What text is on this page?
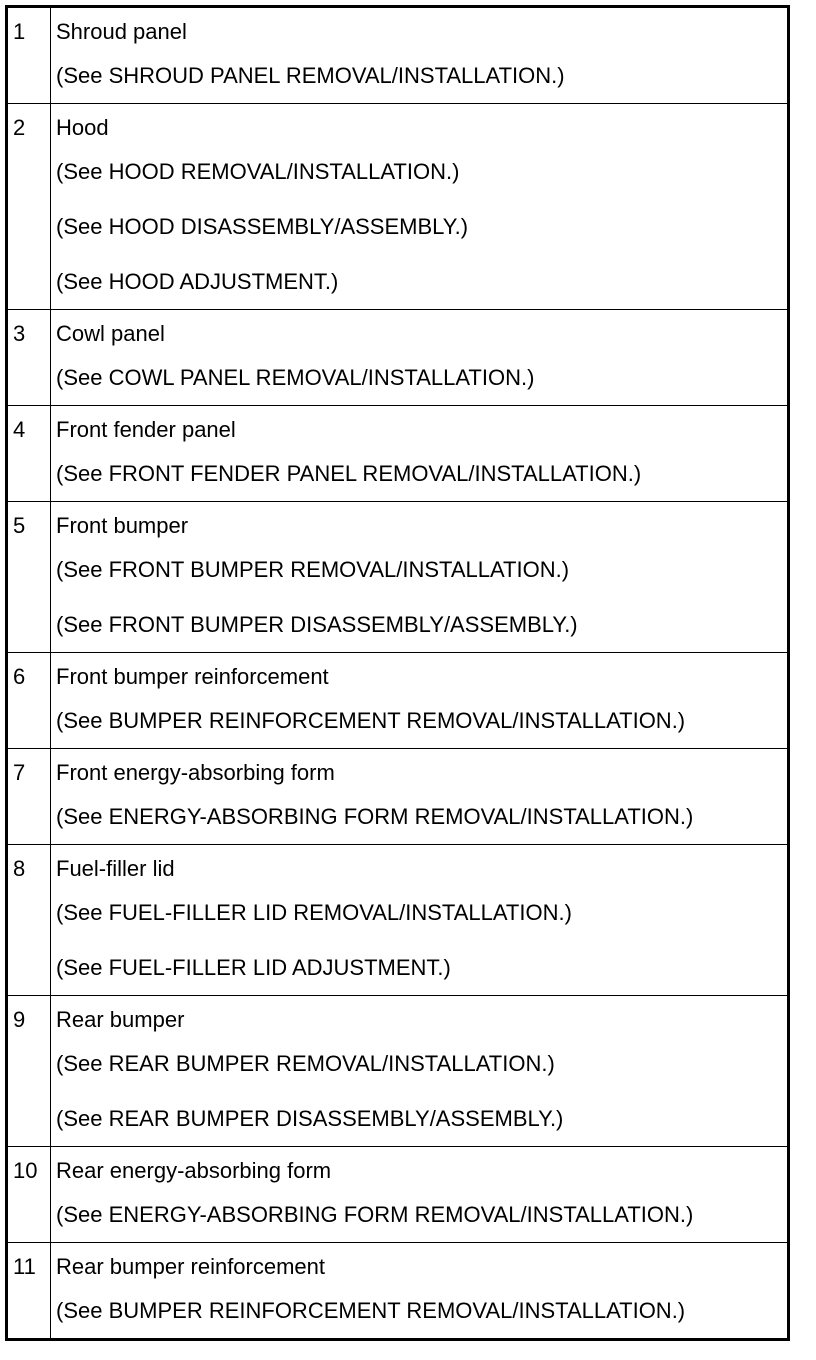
1	Shroud panel
(See SHROUD PANEL REMOVAL/INSTALLATION.)

2	Hood
(See HOOD REMOVAL/INSTALLATION.)
(See HOOD DISASSEMBLY/ASSEMBLY.)
(See HOOD ADJUSTMENT.)

3	Cowl panel
(See COWL PANEL REMOVAL/INSTALLATION.)

4	Front fender panel
(See FRONT FENDER PANEL REMOVAL/INSTALLATION.)

5	Front bumper
(See FRONT BUMPER REMOVAL/INSTALLATION.)
(See FRONT BUMPER DISASSEMBLY/ASSEMBLY.)

6	Front bumper reinforcement
(See BUMPER REINFORCEMENT REMOVAL/INSTALLATION.)

7	Front energy-absorbing form
(See ENERGY-ABSORBING FORM REMOVAL/INSTALLATION.)

8	Fuel-filler lid
(See FUEL-FILLER LID REMOVAL/INSTALLATION.)
(See FUEL-FILLER LID ADJUSTMENT.)

9	Rear bumper
(See REAR BUMPER REMOVAL/INSTALLATION.)
(See REAR BUMPER DISASSEMBLY/ASSEMBLY.)

10	Rear energy-absorbing form
(See ENERGY-ABSORBING FORM REMOVAL/INSTALLATION.)

11	Rear bumper reinforcement
(See BUMPER REINFORCEMENT REMOVAL/INSTALLATION.)
